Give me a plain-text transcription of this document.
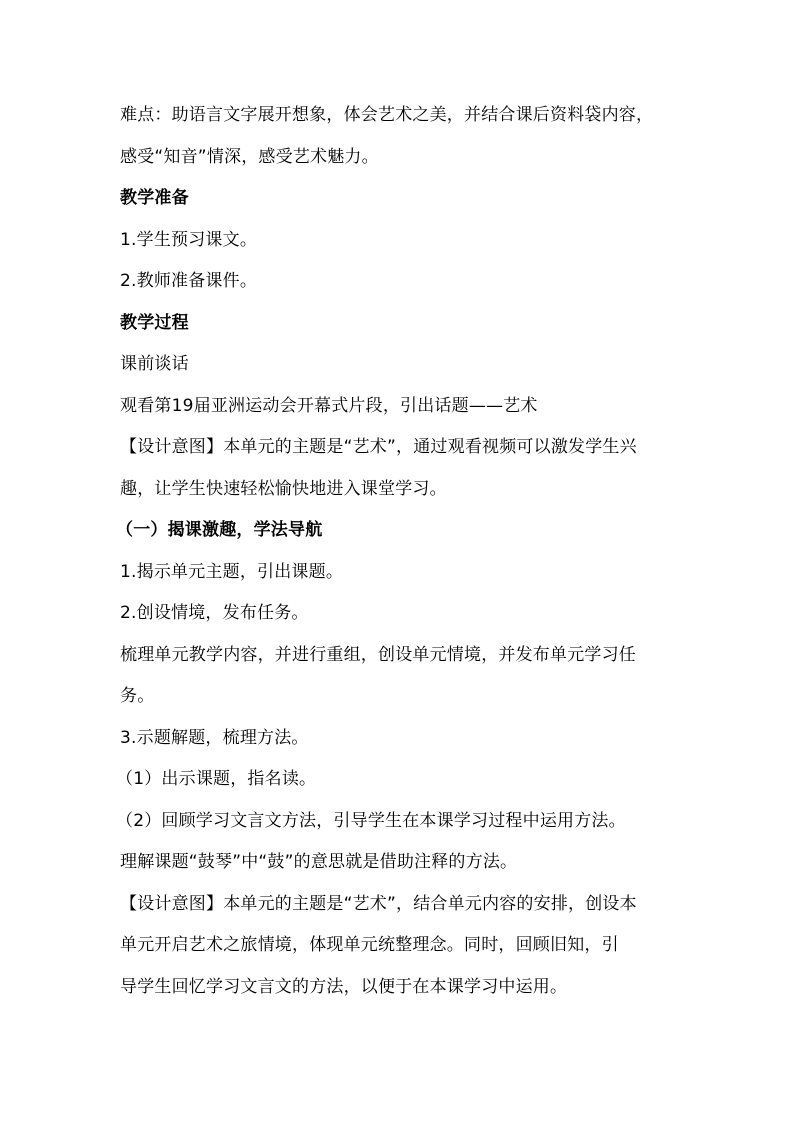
难点：助语言文字展开想象，体会艺术之美，并结合课后资料袋内容，
感受“知音”情深，感受艺术魅力。
教学准备
1.学生预习课文。
2.教师准备课件。
教学过程
课前谈话
观看第19届亚洲运动会开幕式片段，引出话题——艺术
【设计意图】本单元的主题是“艺术”，通过观看视频可以激发学生兴
趣，让学生快速轻松愉快地进入课堂学习。
（一）揭课激趣，学法导航
1.揭示单元主题，引出课题。
2.创设情境，发布任务。
梳理单元教学内容，并进行重组，创设单元情境，并发布单元学习任
务。
3.示题解题，梳理方法。
（1）出示课题，指名读。
（2）回顾学习文言文方法，引导学生在本课学习过程中运用方法。
理解课题“鼓琴”中“鼓”的意思就是借助注释的方法。
【设计意图】本单元的主题是“艺术”，结合单元内容的安排，创设本
单元开启艺术之旅情境，体现单元统整理念。同时，回顾旧知，引
导学生回忆学习文言文的方法，以便于在本课学习中运用。
